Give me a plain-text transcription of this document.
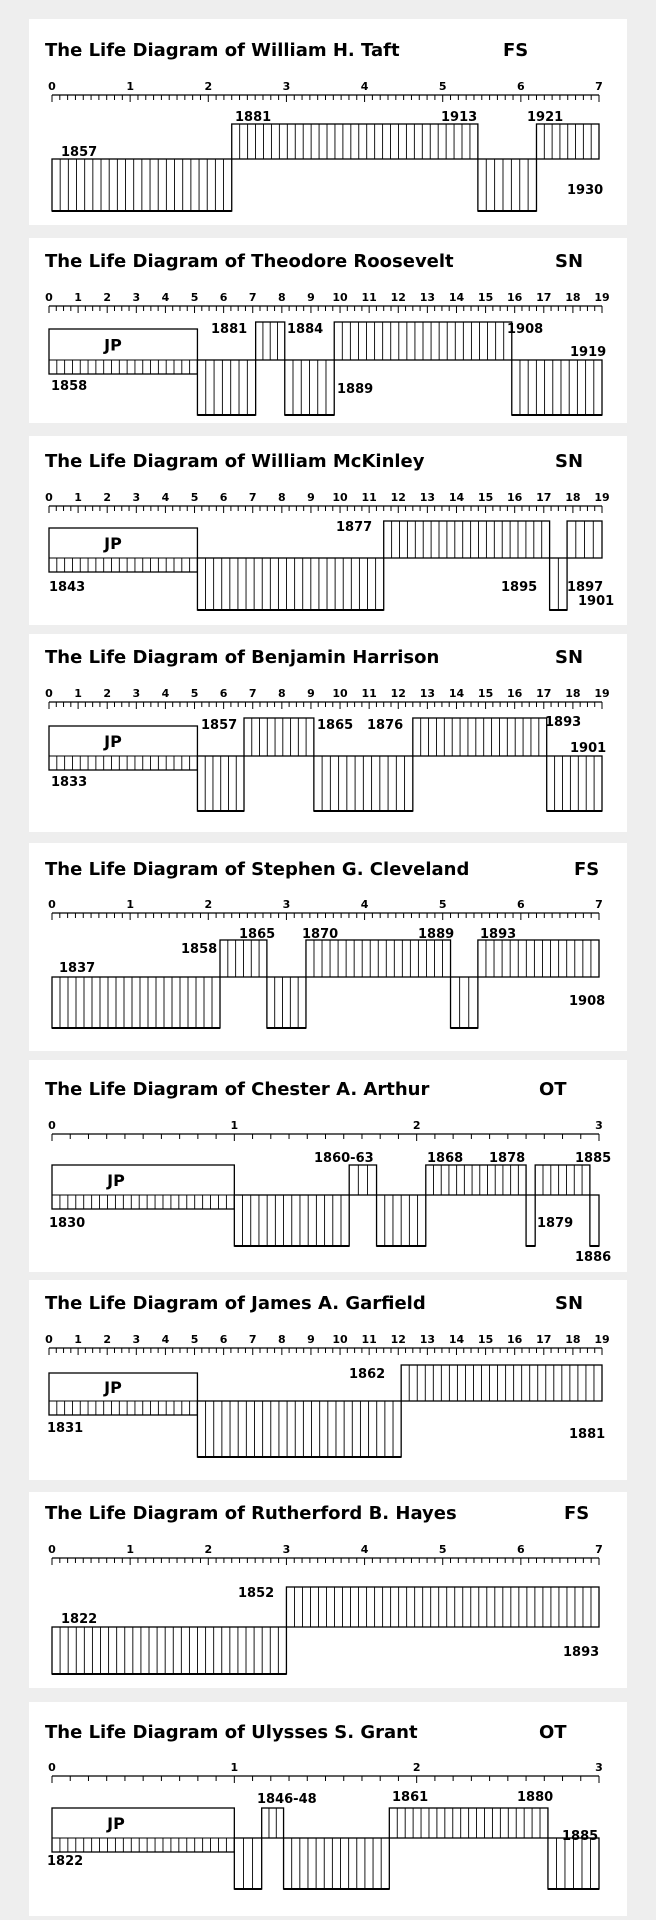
The Life Diagram of William H. Taft	FS
0	1	2	3	4	5	6	7
1857
1881	1913	1921
1930
The Life Diagram of Theodore Roosevelt	SN
0 1 2 3 4 5 6 7 8 9 10 11 12 13 14 15 16 17 18 19
JP
1858
1881	1884
1889
1908
1919
The Life Diagram of William McKinley	SN
0 1 2 3 4 5 6 7 8 9 10 11 12 13 14 15 16 17 18 19
JP
1843
1877
1895 1897
1901
The Life Diagram of Benjamin Harrison	SN
0 1 2 3 4 5 6 7 8 9 10 11 12 13 14 15 16 17 18 19
JP
1833
1857	1865 1876	1893
1901
The Life Diagram of Stephen G. Cleveland	FS
0	1	2	3	4	5	6	7
1837
1858
1865 1870	1889 1893
1908
The Life Diagram of Chester A. Arthur	OT
0	1	2	3
JP
1830
1860-63	1868 1878	1885
1879
1886
The Life Diagram of James A. Garfield	SN
0 1 2 3 4 5 6 7 8 9 10 11 12 13 14 15 16 17 18 19
JP
1831
1862
1881
The Life Diagram of Rutherford B. Hayes	FS
0	1	2	3	4	5	6	7
1822
1852
1893
The Life Diagram of Ulysses S. Grant	OT
0	1	2	3
JP
1822
1846-48	1861	1880
1885
